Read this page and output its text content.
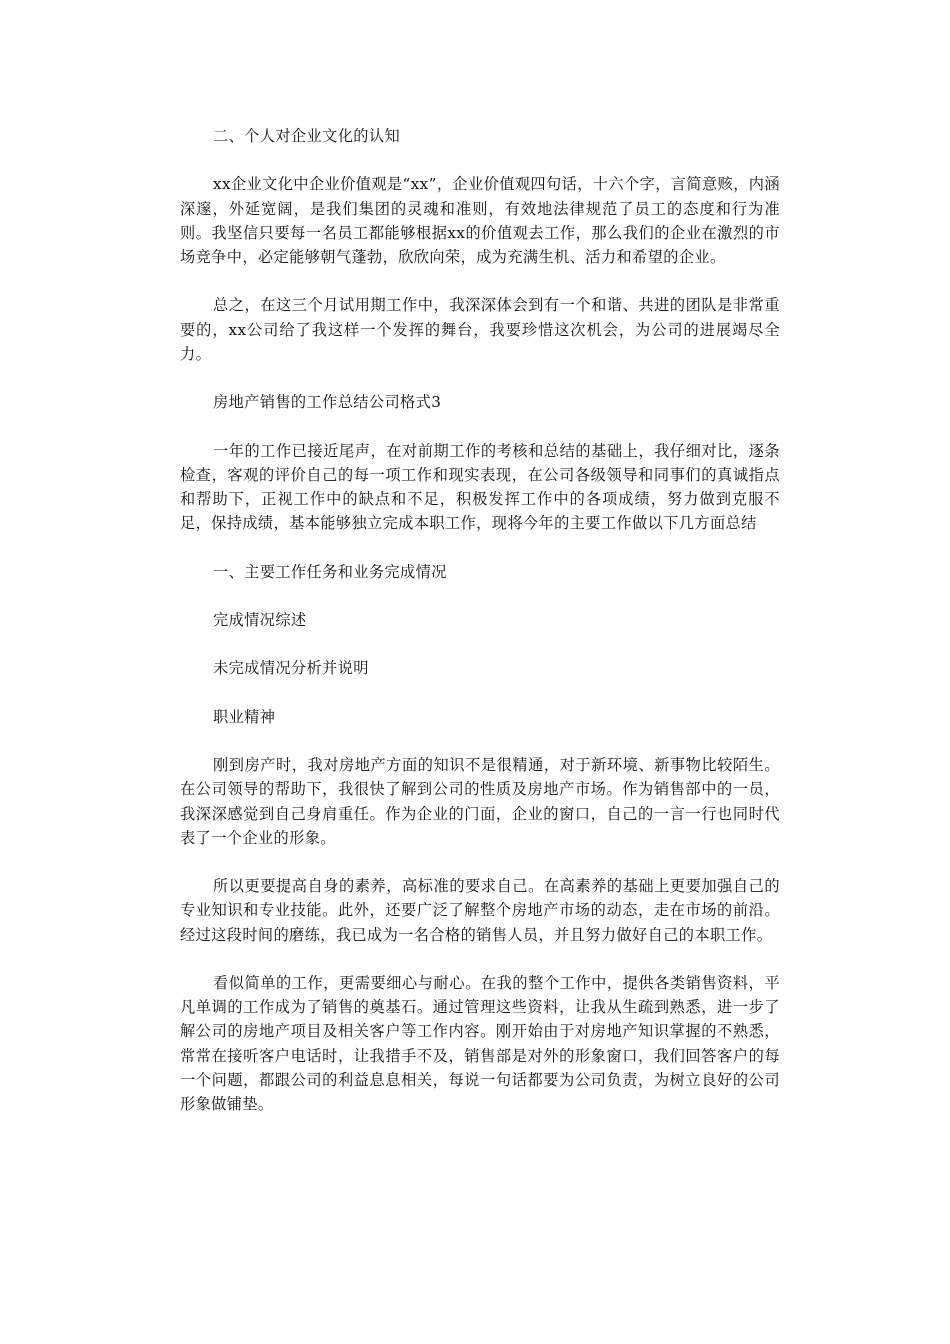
二、个人对企业文化的认知

xx企业文化中企业价值观是“xx”，企业价值观四句话，十六个字，言简意赅，内涵深邃，外延宽阔，是我们集团的灵魂和准则，有效地法律规范了员工的态度和行为准则。我坚信只要每一名员工都能够根据xx的价值观去工作，那么我们的企业在激烈的市场竞争中，必定能够朝气蓬勃，欣欣向荣，成为充满生机、活力和希望的企业。

总之，在这三个月试用期工作中，我深深体会到有一个和谐、共进的团队是非常重要的，xx公司给了我这样一个发挥的舞台，我要珍惜这次机会，为公司的进展竭尽全力。

房地产销售的工作总结公司格式3

一年的工作已接近尾声，在对前期工作的考核和总结的基础上，我仔细对比，逐条检查，客观的评价自己的每一项工作和现实表现，在公司各级领导和同事们的真诚指点和帮助下，正视工作中的缺点和不足，积极发挥工作中的各项成绩，努力做到克服不足，保持成绩，基本能够独立完成本职工作，现将今年的主要工作做以下几方面总结

一、主要工作任务和业务完成情况

完成情况综述

未完成情况分析并说明

职业精神

刚到房产时，我对房地产方面的知识不是很精通，对于新环境、新事物比较陌生。在公司领导的帮助下，我很快了解到公司的性质及房地产市场。作为销售部中的一员，我深深感觉到自己身肩重任。作为企业的门面，企业的窗口，自己的一言一行也同时代表了一个企业的形象。

所以更要提高自身的素养，高标准的要求自己。在高素养的基础上更要加强自己的专业知识和专业技能。此外，还要广泛了解整个房地产市场的动态，走在市场的前沿。经过这段时间的磨练，我已成为一名合格的销售人员，并且努力做好自己的本职工作。

看似简单的工作，更需要细心与耐心。在我的整个工作中，提供各类销售资料，平凡单调的工作成为了销售的奠基石。通过管理这些资料，让我从生疏到熟悉，进一步了解公司的房地产项目及相关客户等工作内容。刚开始由于对房地产知识掌握的不熟悉，常常在接听客户电话时，让我措手不及，销售部是对外的形象窗口，我们回答客户的每一个问题，都跟公司的利益息息相关，每说一句话都要为公司负责，为树立良好的公司形象做铺垫。
